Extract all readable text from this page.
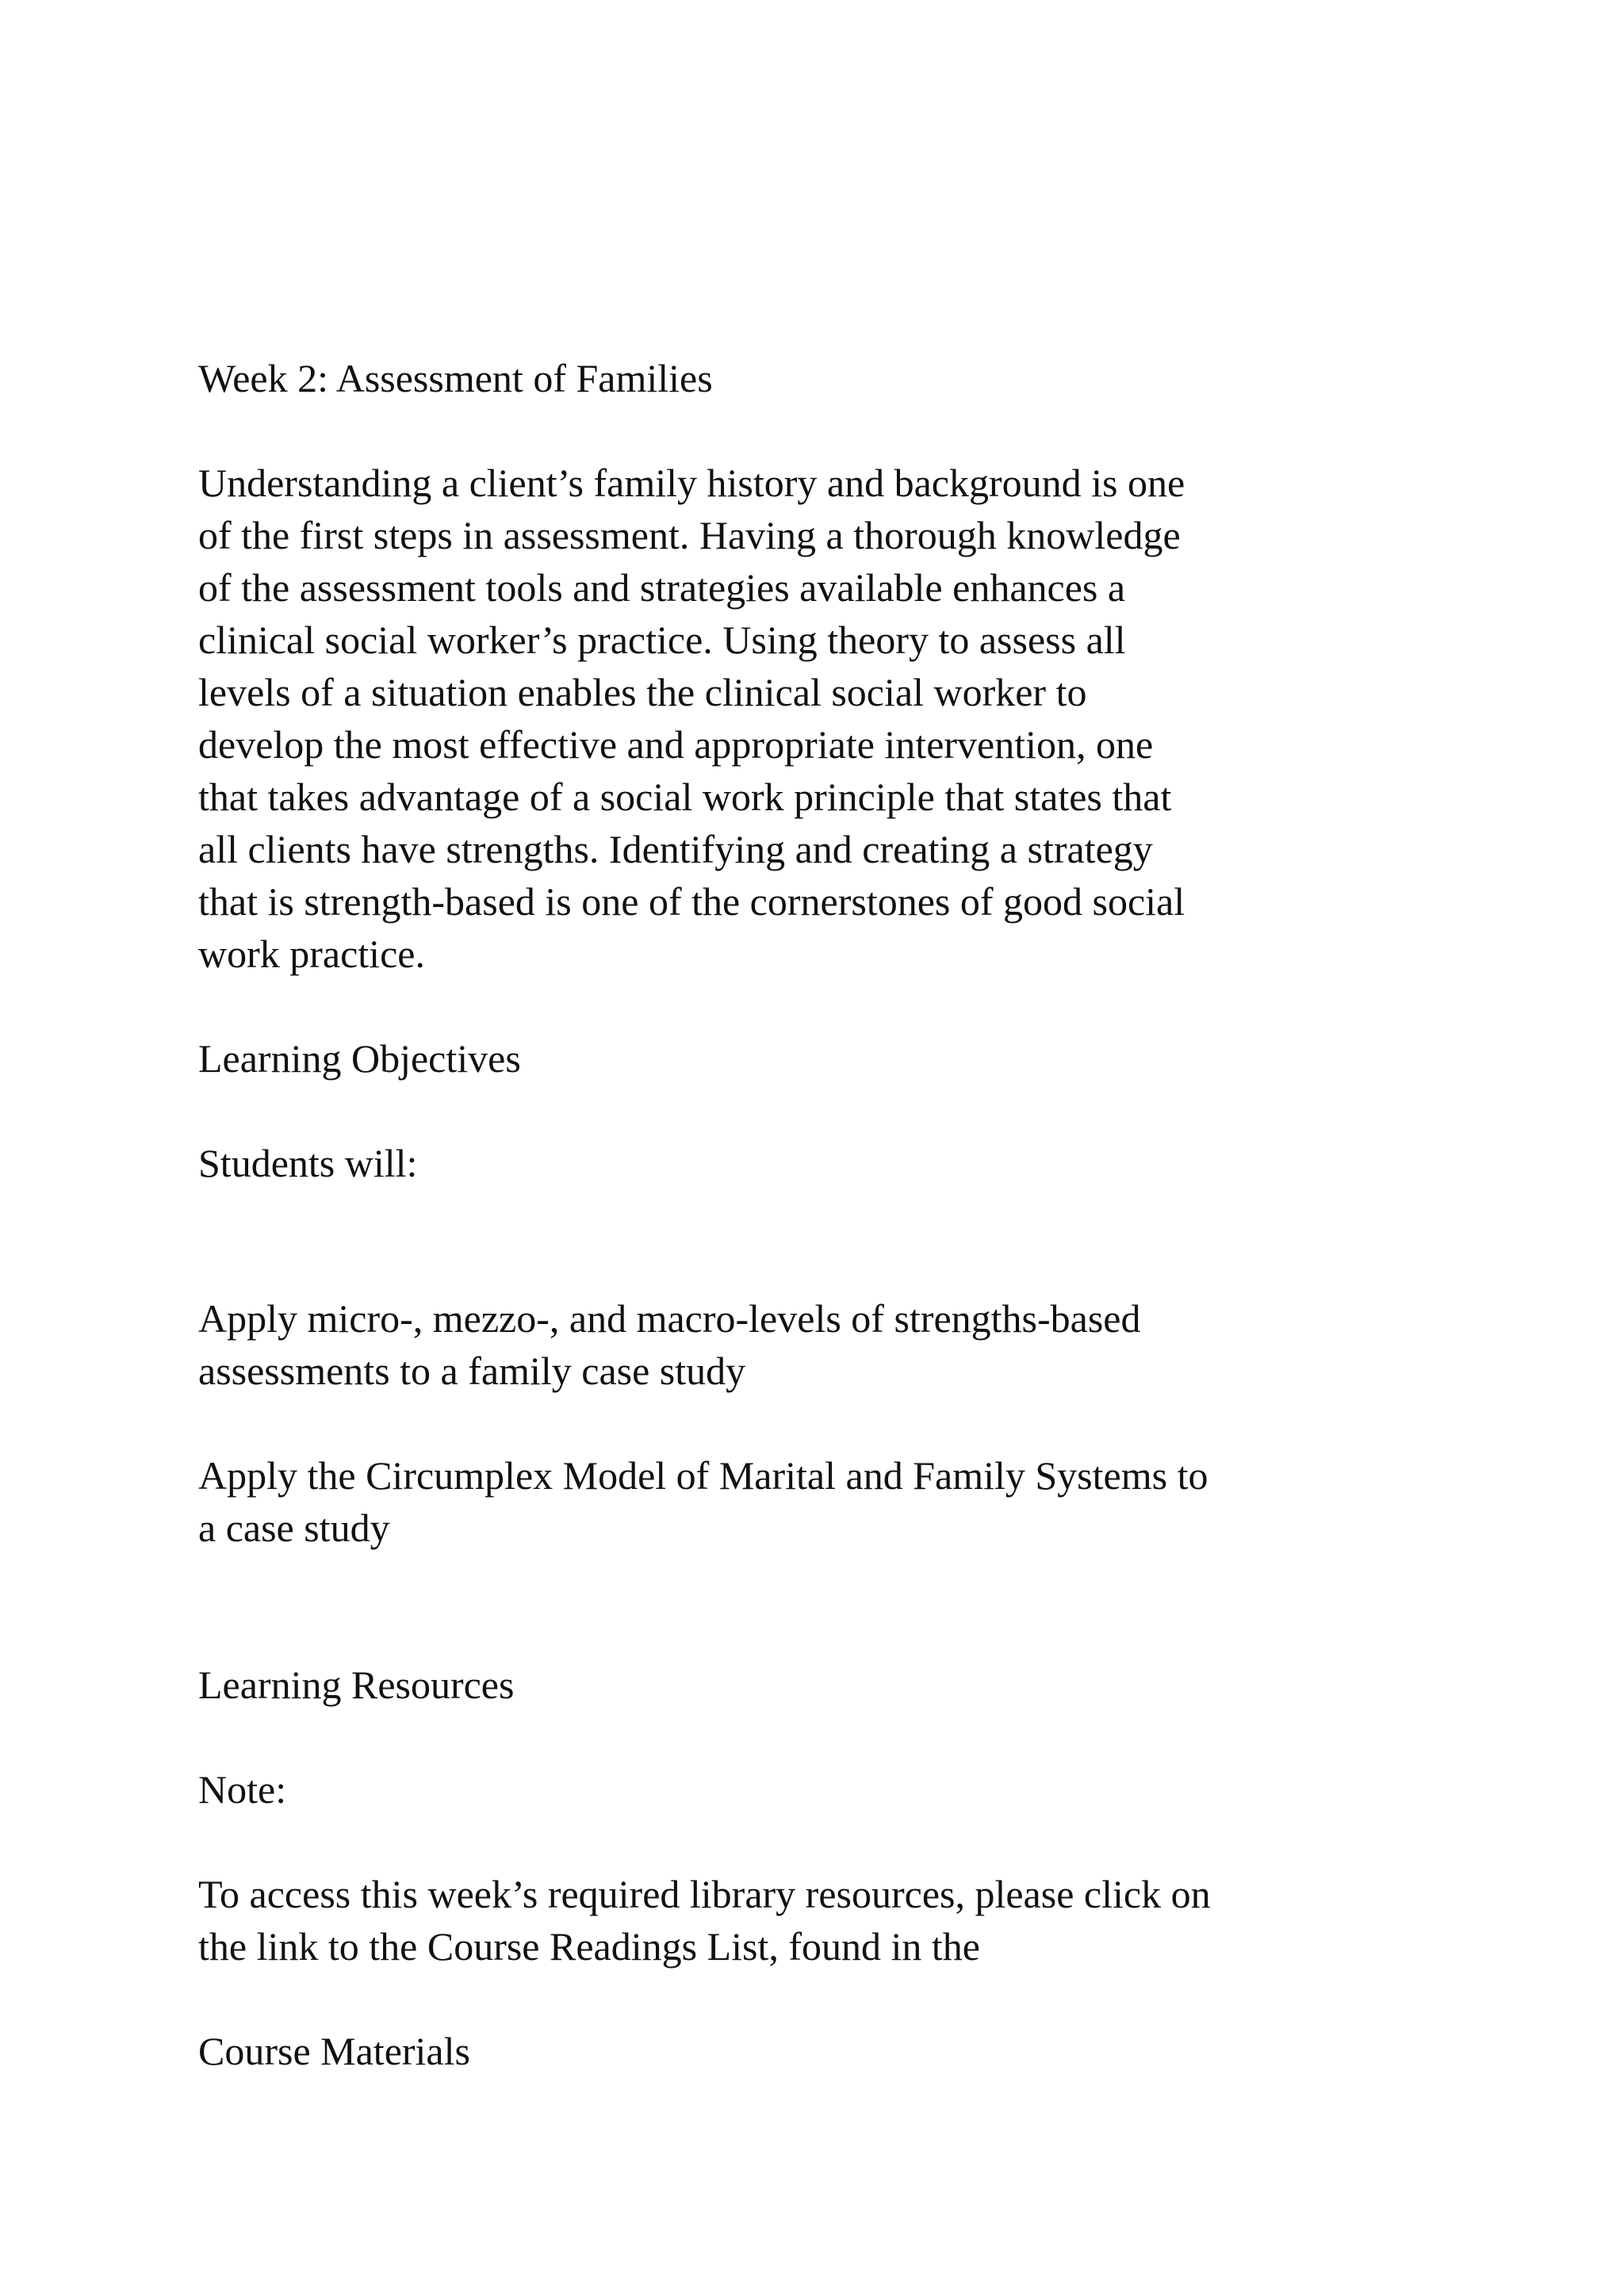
Week 2: Assessment of Families

Understanding a client’s family history and background is one
of the first steps in assessment. Having a thorough knowledge
of the assessment tools and strategies available enhances a
clinical social worker’s practice. Using theory to assess all
levels of a situation enables the clinical social worker to
develop the most effective and appropriate intervention, one
that takes advantage of a social work principle that states that
all clients have strengths. Identifying and creating a strategy
that is strength-based is one of the cornerstones of good social
work practice.

Learning Objectives

Students will:

Apply micro-, mezzo-, and macro-levels of strengths-based
assessments to a family case study

Apply the Circumplex Model of Marital and Family Systems to
a case study

Learning Resources

Note:

To access this week’s required library resources, please click on
the link to the Course Readings List, found in the

Course Materials
